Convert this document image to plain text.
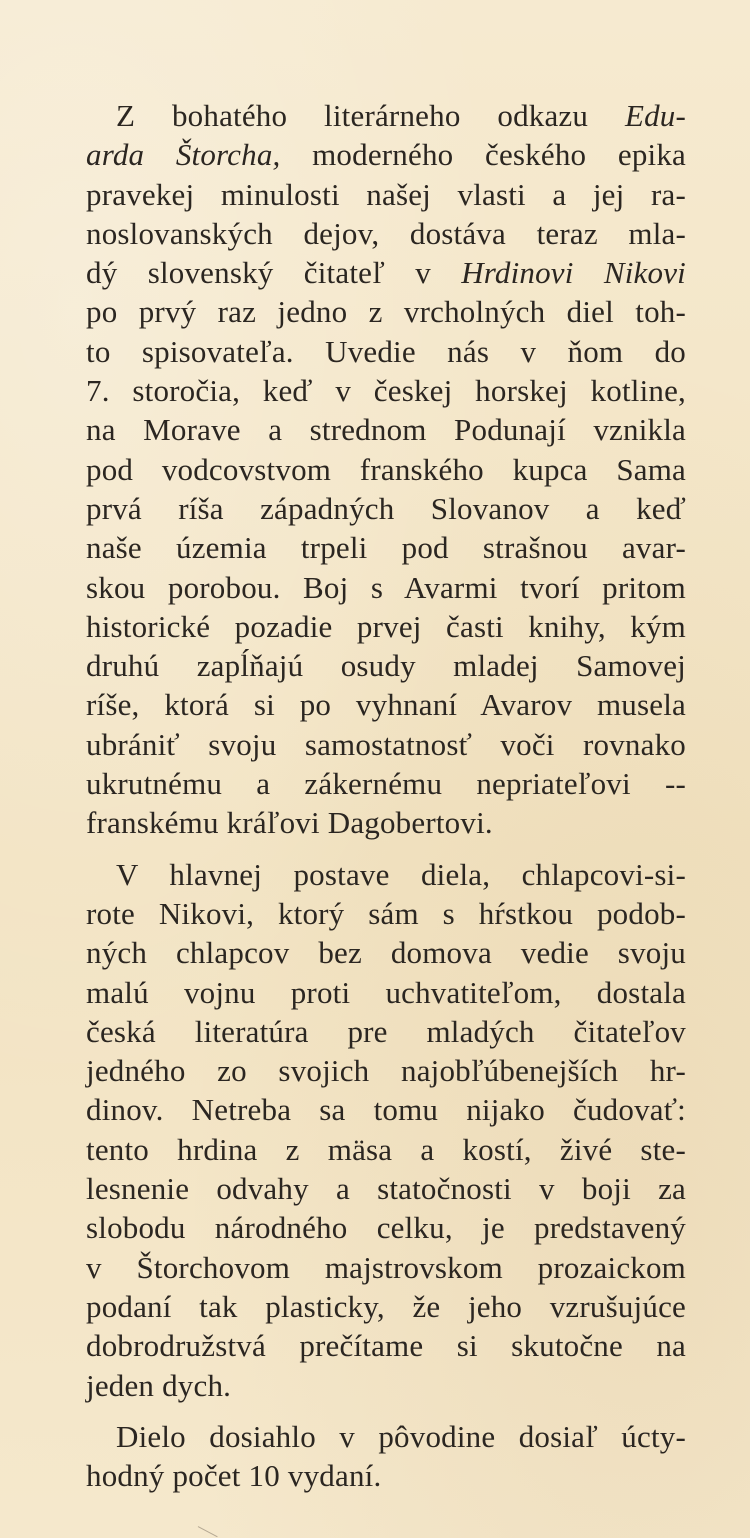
Z bohatého literárneho odkazu Edu-
arda Štorcha, moderného českého epika
pravekej minulosti našej vlasti a jej ra-
noslovanských dejov, dostáva teraz mla-
dý slovenský čitateľ v Hrdinovi Nikovi
po prvý raz jedno z vrcholných diel toh-
to spisovateľa. Uvedie nás v ňom do
7. storočia, keď v českej horskej kotline,
na Morave a strednom Podunají vznikla
pod vodcovstvom franského kupca Sama
prvá ríša západných Slovanov a keď
naše územia trpeli pod strašnou avar-
skou porobou. Boj s Avarmi tvorí pritom
historické pozadie prvej časti knihy, kým
druhú zapĺňajú osudy mladej Samovej
ríše, ktorá si po vyhnaní Avarov musela
ubrániť svoju samostatnosť voči rovnako
ukrutnému a zákernému nepriateľovi --
franskému kráľovi Dagobertovi.
V hlavnej postave diela, chlapcovi-si-
rote Nikovi, ktorý sám s hŕstkou podob-
ných chlapcov bez domova vedie svoju
malú vojnu proti uchvatiteľom, dostala
česká literatúra pre mladých čitateľov
jedného zo svojich najobľúbenejších hr-
dinov. Netreba sa tomu nijako čudovať:
tento hrdina z mäsa a kostí, živé ste-
lesnenie odvahy a statočnosti v boji za
slobodu národného celku, je predstavený
v Štorchovom majstrovskom prozaickom
podaní tak plasticky, že jeho vzrušujúce
dobrodružstvá prečítame si skutočne na
jeden dych.
Dielo dosiahlo v pôvodine dosiaľ úcty-
hodný počet 10 vydaní.
